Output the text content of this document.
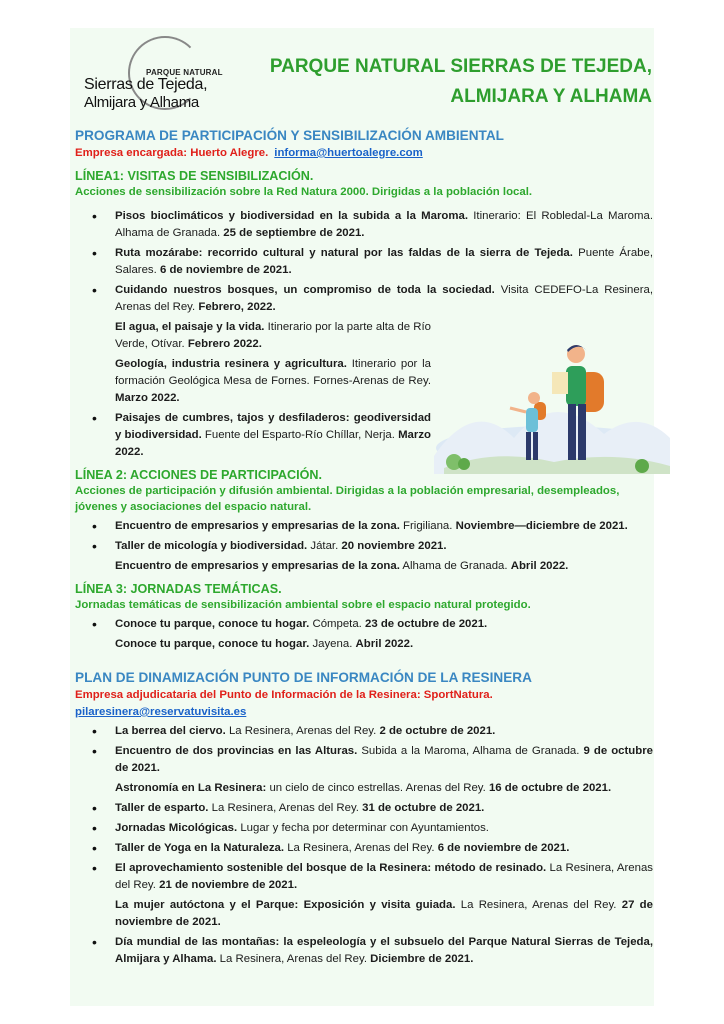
PARQUE NATURAL
Sierras de Tejeda,
Almijara y Alhama
PARQUE NATURAL SIERRAS DE TEJEDA,
ALMIJARA Y ALHAMA
PROGRAMA DE PARTICIPACIÓN Y SENSIBILIZACIÓN AMBIENTAL
Empresa encargada: Huerto Alegre. informa@huertoalegre.com
LÍNEA1: VISITAS DE SENSIBILIZACIÓN.
Acciones de sensibilización sobre la Red Natura 2000. Dirigidas a la población local.
• Pisos bioclimáticos y biodiversidad en la subida a la Maroma. Itinerario: El Robledal-La Maroma. Alhama de Granada. 25 de septiembre de 2021.
• Ruta mozárabe: recorrido cultural y natural por las faldas de la sierra de Tejeda. Puente Árabe, Salares. 6 de noviembre de 2021.
• Cuidando nuestros bosques, un compromiso de toda la sociedad. Visita CEDEFO-La Resinera, Arenas del Rey. Febrero, 2022.
El agua, el paisaje y la vida. Itinerario por la parte alta de Río Verde, Otívar. Febrero 2022.
Geología, industria resinera y agricultura. Itinerario por la formación Geológica Mesa de Fornes. Fornes-Arenas de Rey. Marzo 2022.
• Paisajes de cumbres, tajos y desfiladeros: geodiversidad y biodiversidad. Fuente del Esparto-Río Chíllar, Nerja. Marzo 2022.
LÍNEA 2: ACCIONES DE PARTICIPACIÓN.
Acciones de participación y difusión ambiental. Dirigidas a la población empresarial, desempleados, jóvenes y asociaciones del espacio natural.
• Encuentro de empresarios y empresarias de la zona. Frigiliana. Noviembre—diciembre de 2021.
• Taller de micología y biodiversidad. Játar. 20 noviembre 2021.
Encuentro de empresarios y empresarias de la zona. Alhama de Granada. Abril 2022.
LÍNEA 3: JORNADAS TEMÁTICAS.
Jornadas temáticas de sensibilización ambiental sobre el espacio natural protegido.
• Conoce tu parque, conoce tu hogar. Cómpeta. 23 de octubre de 2021.
Conoce tu parque, conoce tu hogar. Jayena. Abril 2022.
PLAN DE DINAMIZACIÓN PUNTO DE INFORMACIÓN DE LA RESINERA
Empresa adjudicataria del Punto de Información de la Resinera: SportNatura.
pilaresinera@reservatuvisita.es
• La berrea del ciervo. La Resinera, Arenas del Rey. 2 de octubre de 2021.
• Encuentro de dos provincias en las Alturas. Subida a la Maroma, Alhama de Granada. 9 de octubre de 2021.
Astronomía en La Resinera: un cielo de cinco estrellas. Arenas del Rey. 16 de octubre de 2021.
• Taller de esparto. La Resinera, Arenas del Rey. 31 de octubre de 2021.
• Jornadas Micológicas. Lugar y fecha por determinar con Ayuntamientos.
• Taller de Yoga en la Naturaleza. La Resinera, Arenas del Rey. 6 de noviembre de 2021.
• El aprovechamiento sostenible del bosque de la Resinera: método de resinado. La Resinera, Arenas del Rey. 21 de noviembre de 2021.
La mujer autóctona y el Parque: Exposición y visita guiada. La Resinera, Arenas del Rey. 27 de noviembre de 2021.
• Día mundial de las montañas: la espeleología y el subsuelo del Parque Natural Sierras de Tejeda, Almijara y Alhama. La Resinera, Arenas del Rey. Diciembre de 2021.
